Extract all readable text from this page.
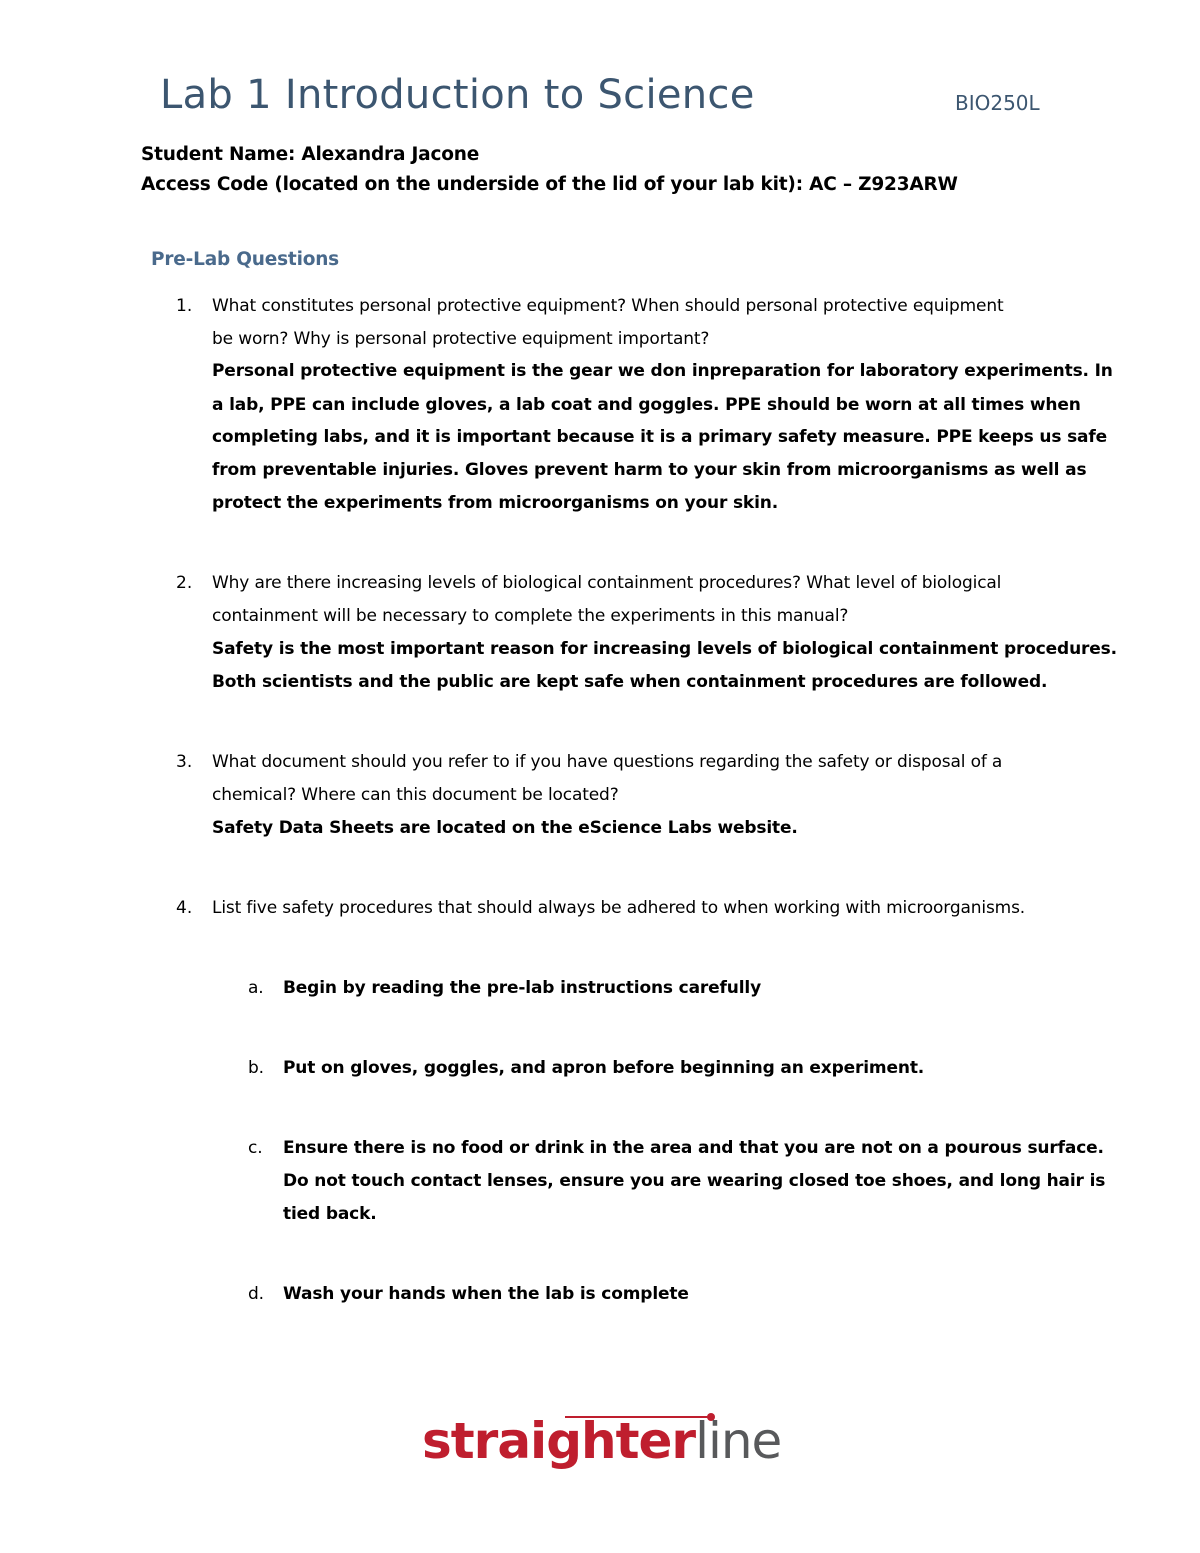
Lab 1 Introduction to Science	BIO250L
Student Name: Alexandra Jacone
Access Code (located on the underside of the lid of your lab kit): AC – Z923ARW
Pre-Lab Questions
1.	What constitutes personal protective equipment? When should personal protective equipment
be worn? Why is personal protective equipment important?
Personal protective equipment is the gear we don inpreparation for laboratory experiments. In
a lab, PPE can include gloves, a lab coat and goggles. PPE should be worn at all times when
completing labs, and it is important because it is a primary safety measure. PPE keeps us safe
from preventable injuries. Gloves prevent harm to your skin from microorganisms as well as
protect the experiments from microorganisms on your skin.
2.	Why are there increasing levels of biological containment procedures? What level of biological
containment will be necessary to complete the experiments in this manual?
Safety is the most important reason for increasing levels of biological containment procedures.
Both scientists and the public are kept safe when containment procedures are followed.
3.	What document should you refer to if you have questions regarding the safety or disposal of a
chemical? Where can this document be located?
Safety Data Sheets are located on the eScience Labs website.
4.	List five safety procedures that should always be adhered to when working with microorganisms.
a. Begin by reading the pre-lab instructions carefully
b. Put on gloves, goggles, and apron before beginning an experiment.
c. Ensure there is no food or drink in the area and that you are not on a pourous surface.
Do not touch contact lenses, ensure you are wearing closed toe shoes, and long hair is
tied back.
d. Wash your hands when the lab is complete
straighterline
